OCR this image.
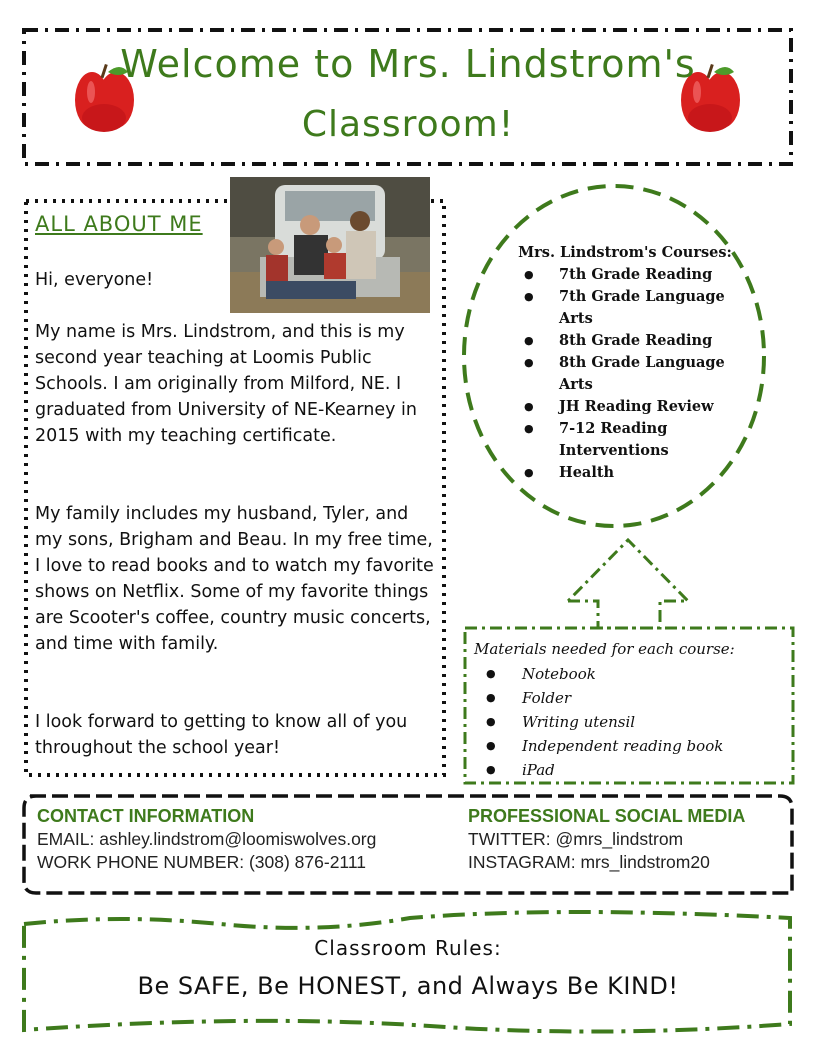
Welcome to Mrs. Lindstrom's
Classroom!
ALL ABOUT ME
Hi, everyone!
My name is Mrs. Lindstrom, and this is my second year teaching at Loomis Public Schools. I am originally from Milford, NE. I graduated from University of NE-Kearney in 2015 with my teaching certificate.
My family includes my husband, Tyler, and my sons, Brigham and Beau. In my free time, I love to read books and to watch my favorite shows on Netflix. Some of my favorite things are Scooter's coffee, country music concerts, and time with family.
I look forward to getting to know all of you throughout the school year!
Mrs. Lindstrom's Courses:
● 7th Grade Reading
● 7th Grade Language Arts
● 8th Grade Reading
● 8th Grade Language Arts
● JH Reading Review
● 7-12 Reading Interventions
● Health
Materials needed for each course:
● Notebook
● Folder
● Writing utensil
● Independent reading book
● iPad
CONTACT INFORMATION
EMAIL: ashley.lindstrom@loomiswolves.org
WORK PHONE NUMBER: (308) 876-2111
PROFESSIONAL SOCIAL MEDIA
TWITTER: @mrs_lindstrom
INSTAGRAM: mrs_lindstrom20
Classroom Rules:
Be SAFE, Be HONEST, and Always Be KIND!
